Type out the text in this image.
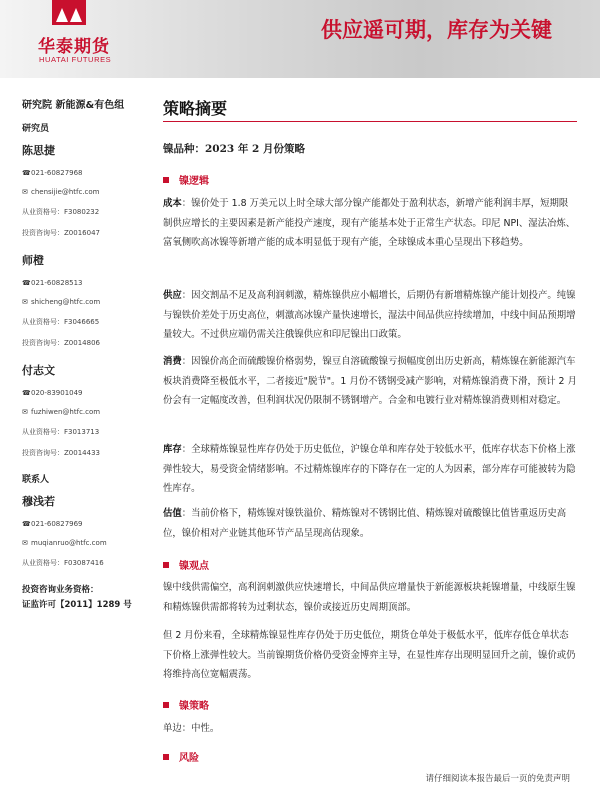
华泰期货
HUATAI FUTURES
供应遥可期，库存为关键
研究院 新能源&有色组
研究员
陈思捷
☎021-60827968
✉ chensijie@htfc.com
从业资格号：F3080232
投资咨询号：Z0016047
师橙
☎021-60828513
✉ shicheng@htfc.com
从业资格号：F3046665
投资咨询号：Z0014806
付志文
☎020-83901049
✉ fuzhiwen@htfc.com
从业资格号：F3013713
投资咨询号：Z0014433
联系人
穆浅若
☎021-60827969
✉ muqianruo@htfc.com
从业资格号：F03087416
投资咨询业务资格：
证监许可【2011】1289 号
策略摘要
镍品种：2023 年 2 月份策略
镍逻辑
成本：镍价处于 1.8 万美元以上时全球大部分镍产能都处于盈利状态，新增产能利润丰厚，短期限制供应增长的主要因素是新产能投产速度，现有产能基本处于正常生产状态。印尼 NPI、湿法冶炼、富氧侧吹高冰镍等新增产能的成本明显低于现有产能，全球镍成本重心呈现出下移趋势。
供应：因交割品不足及高利润刺激，精炼镍供应小幅增长，后期仍有新增精炼镍产能计划投产。纯镍与镍铁价差处于历史高位，刺激高冰镍产量快速增长，湿法中间品供应持续增加，中线中间品预期增量较大。不过供应端仍需关注俄镍供应和印尼镍出口政策。
消费：因镍价高企而硫酸镍价格弱势，镍豆自溶硫酸镍亏损幅度创出历史新高，精炼镍在新能源汽车板块消费降至极低水平，二者接近"脱节"。1 月份不锈钢受减产影响，对精炼镍消费下滑，预计 2 月份会有一定幅度改善，但利润状况仍限制不锈钢增产。合金和电镀行业对精炼镍消费则相对稳定。
库存：全球精炼镍显性库存仍处于历史低位，沪镍仓单和库存处于较低水平，低库存状态下价格上涨弹性较大，易受资金情绪影响。不过精炼镍库存的下降存在一定的人为因素，部分库存可能被转为隐性库存。
估值：当前价格下，精炼镍对镍铁溢价、精炼镍对不锈钢比值、精炼镍对硫酸镍比值皆重返历史高位，镍价相对产业链其他环节产品呈现高估现象。
镍观点
镍中线供需偏空，高利润刺激供应快速增长，中间品供应增量快于新能源板块耗镍增量，中线原生镍和精炼镍供需都将转为过剩状态，镍价或接近历史周期顶部。
但 2 月份来看，全球精炼镍显性库存仍处于历史低位，期货仓单处于极低水平，低库存低仓单状态下价格上涨弹性较大。当前镍期货价格仍受资金博弈主导，在显性库存出现明显回升之前，镍价或仍将维持高位宽幅震荡。
镍策略
单边：中性。
风险
请仔细阅读本报告最后一页的免责声明
